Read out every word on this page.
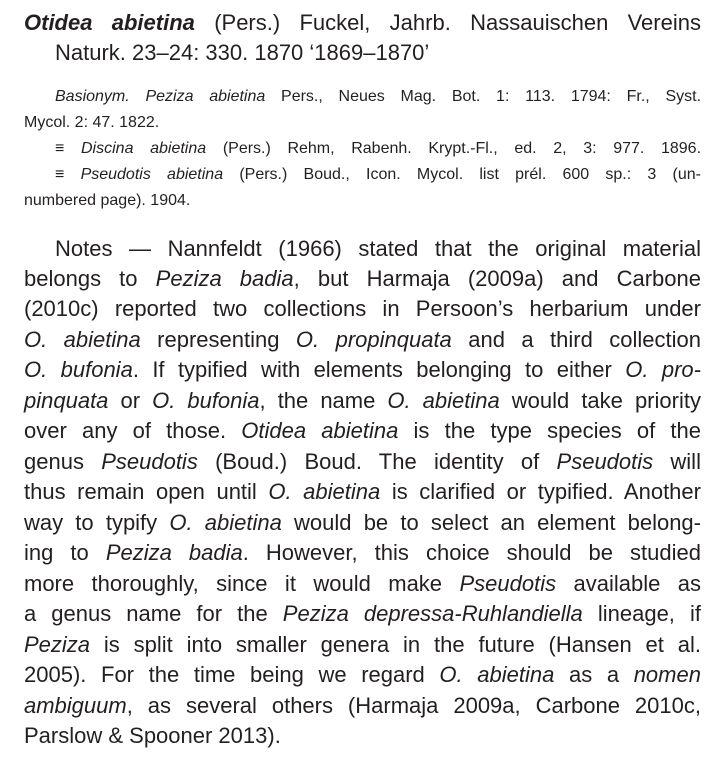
Otidea abietina (Pers.) Fuckel, Jahrb. Nassauischen Vereins
Naturk. 23–24: 330. 1870 ‘1869–1870’
Basionym. Peziza abietina Pers., Neues Mag. Bot. 1: 113. 1794: Fr., Syst.
Mycol. 2: 47. 1822.
≡ Discina abietina (Pers.) Rehm, Rabenh. Krypt.-Fl., ed. 2, 3: 977. 1896.
≡ Pseudotis abietina (Pers.) Boud., Icon. Mycol. list prél. 600 sp.: 3 (un-
numbered page). 1904.
Notes — Nannfeldt (1966) stated that the original material
belongs to Peziza badia, but Harmaja (2009a) and Carbone
(2010c) reported two collections in Persoon’s herbarium under
O. abietina representing O. propinquata and a third collection
O. bufonia. If typified with elements belonging to either O. pro-
pinquata or O. bufonia, the name O. abietina would take priority
over any of those. Otidea abietina is the type species of the
genus Pseudotis (Boud.) Boud. The identity of Pseudotis will
thus remain open until O. abietina is clarified or typified. Another
way to typify O. abietina would be to select an element belong-
ing to Peziza badia. However, this choice should be studied
more thoroughly, since it would make Pseudotis available as
a genus name for the Peziza depressa-Ruhlandiella lineage, if
Peziza is split into smaller genera in the future (Hansen et al.
2005). For the time being we regard O. abietina as a nomen
ambiguum, as several others (Harmaja 2009a, Carbone 2010c,
Parslow & Spooner 2013).
